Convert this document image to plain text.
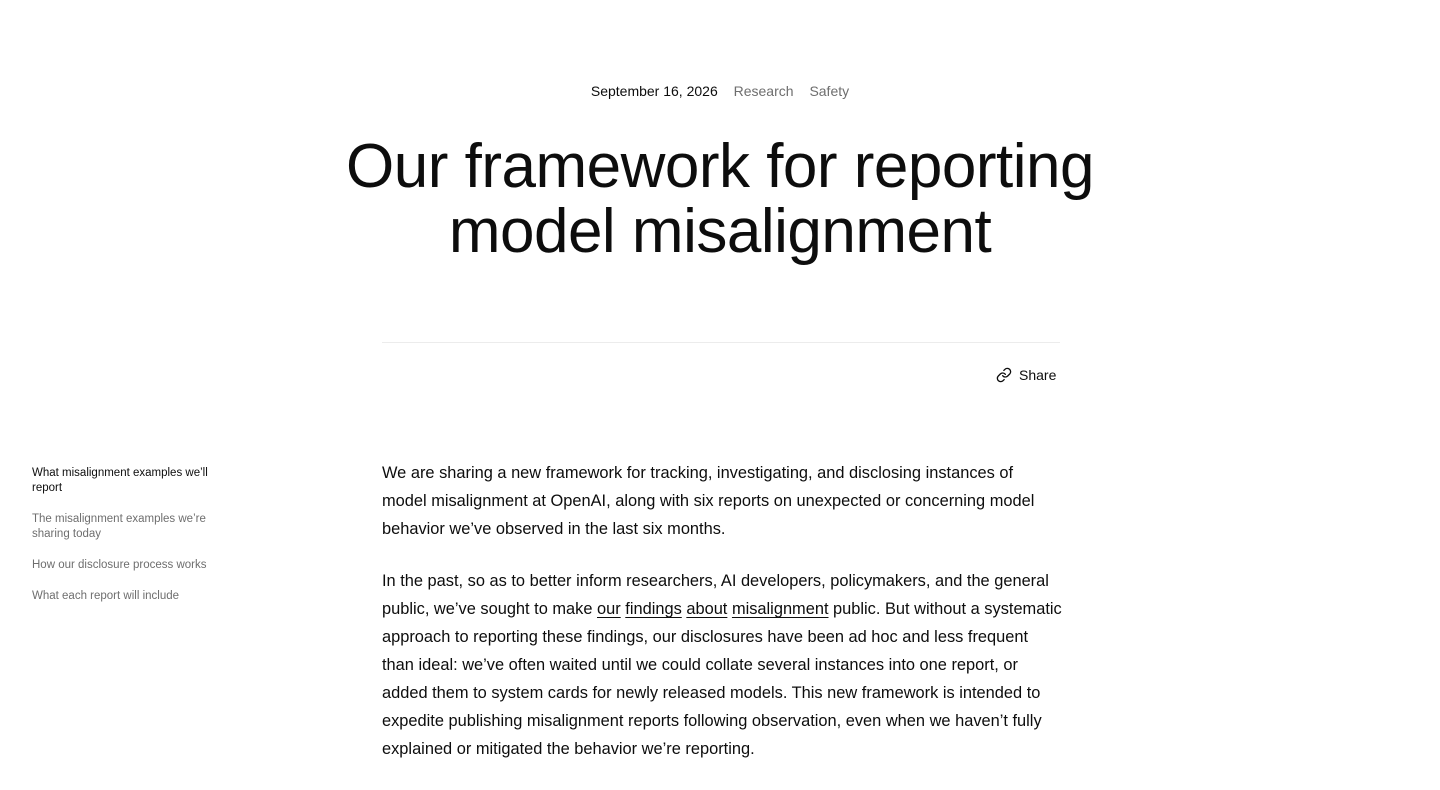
September 16, 2026 Research Safety
Our framework for reporting
model misalignment
Share
What misalignment examples we’ll report
The misalignment examples we’re sharing today
How our disclosure process works
What each report will include

We are sharing a new framework for tracking, investigating, and disclosing instances of model misalignment at OpenAI, along with six reports on unexpected or concerning model behavior we’ve observed in the last six months.

In the past, so as to better inform researchers, AI developers, policymakers, and the general public, we’ve sought to make our findings about misalignment public. But without a systematic approach to reporting these findings, our disclosures have been ad hoc and less frequent than ideal: we’ve often waited until we could collate several instances into one report, or added them to system cards for newly released models. This new framework is intended to expedite publishing misalignment reports following observation, even when we haven’t fully explained or mitigated the behavior we’re reporting.
